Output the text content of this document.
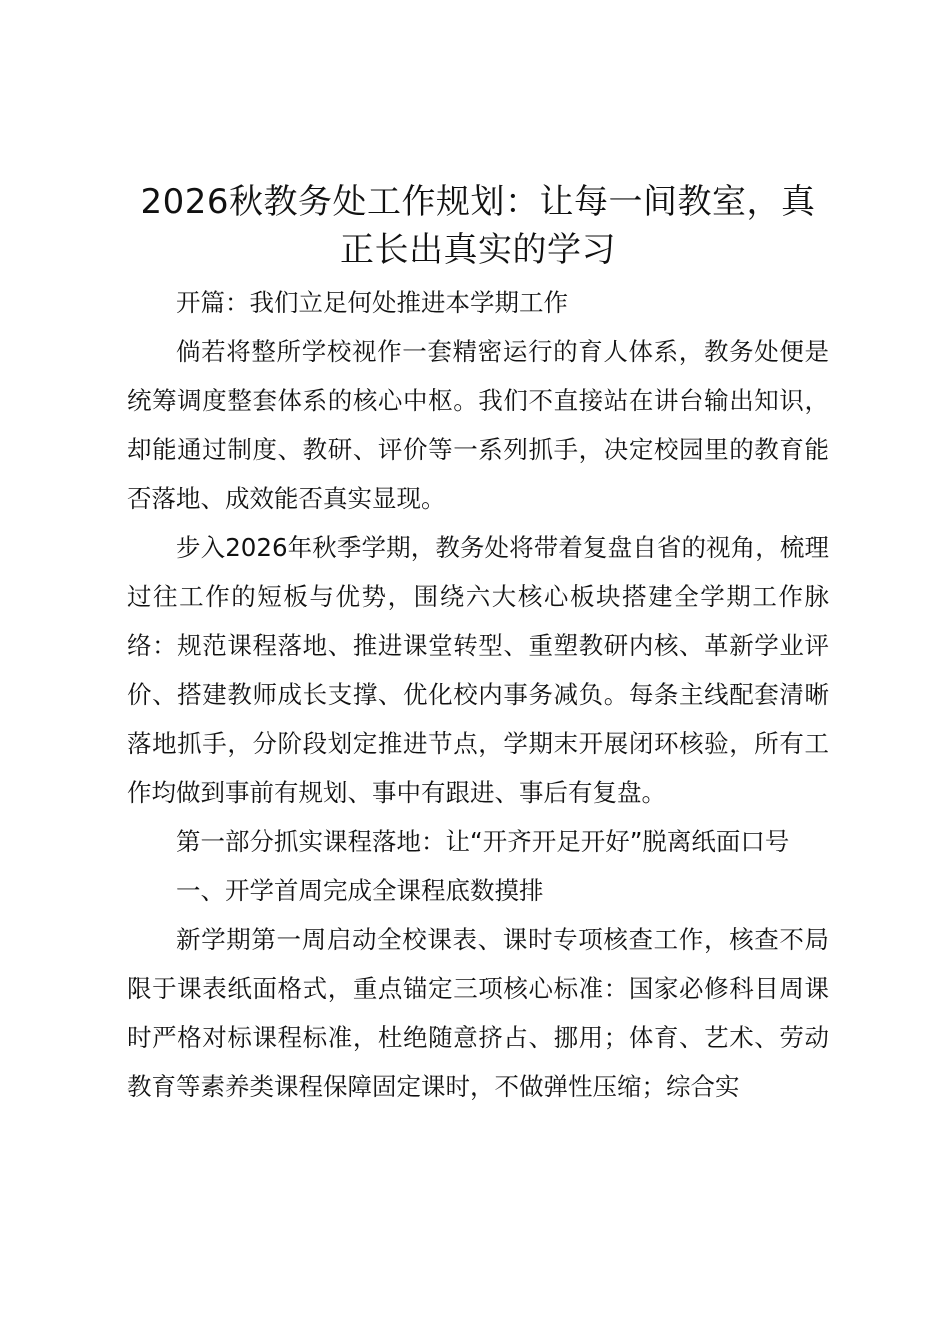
2026秋教务处工作规划：让每一间教室，真正长出真实的学习

开篇：我们立足何处推进本学期工作

倘若将整所学校视作一套精密运行的育人体系，教务处便是统筹调度整套体系的核心中枢。我们不直接站在讲台输出知识，却能通过制度、教研、评价等一系列抓手，决定校园里的教育能否落地、成效能否真实显现。

步入2026年秋季学期，教务处将带着复盘自省的视角，梳理过往工作的短板与优势，围绕六大核心板块搭建全学期工作脉络：规范课程落地、推进课堂转型、重塑教研内核、革新学业评价、搭建教师成长支撑、优化校内事务减负。每条主线配套清晰落地抓手，分阶段划定推进节点，学期末开展闭环核验，所有工作均做到事前有规划、事中有跟进、事后有复盘。

第一部分抓实课程落地：让“开齐开足开好”脱离纸面口号

一、开学首周完成全课程底数摸排

新学期第一周启动全校课表、课时专项核查工作，核查不局限于课表纸面格式，重点锚定三项核心标准：国家必修科目周课时严格对标课程标准，杜绝随意挤占、挪用；体育、艺术、劳动教育等素养类课程保障固定课时，不做弹性压缩；综合实
